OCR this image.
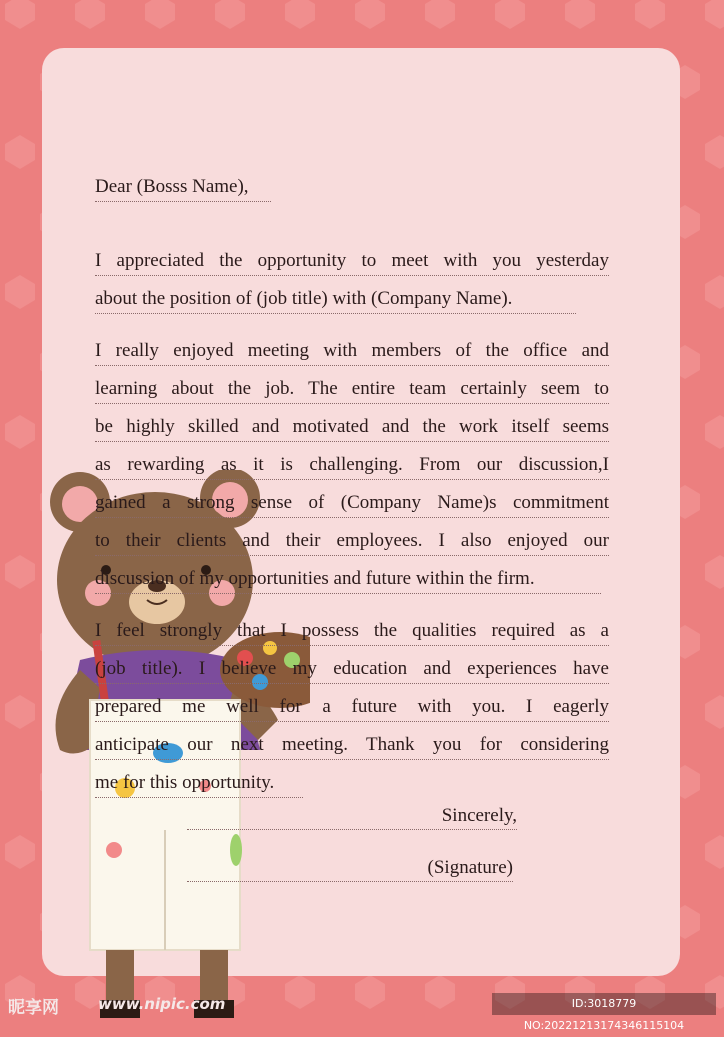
Dear (Bosss Name),
I appreciated the opportunity to meet with you yesterday
about the position of (job title) with (Company Name).
I really enjoyed meeting with members of the office and
learning about the job. The entire team certainly seem to
be highly skilled and motivated and the work itself seems
as rewarding as it is challenging. From our discussion,I
gained a strong sense of (Company Name)s commitment
to their clients and their employees. I also enjoyed our
discussion of my opportunities and future within the firm.
I feel strongly that I possess the qualities required as a
(job title). I believe my education and experiences have
prepared me well for a future with you. I eagerly
anticipate our next meeting. Thank you for considering
me for this opportunity.
Sincerely,
(Signature)
昵享网	www.nipic.com	ID:3018779 NO:20221213174346115104
